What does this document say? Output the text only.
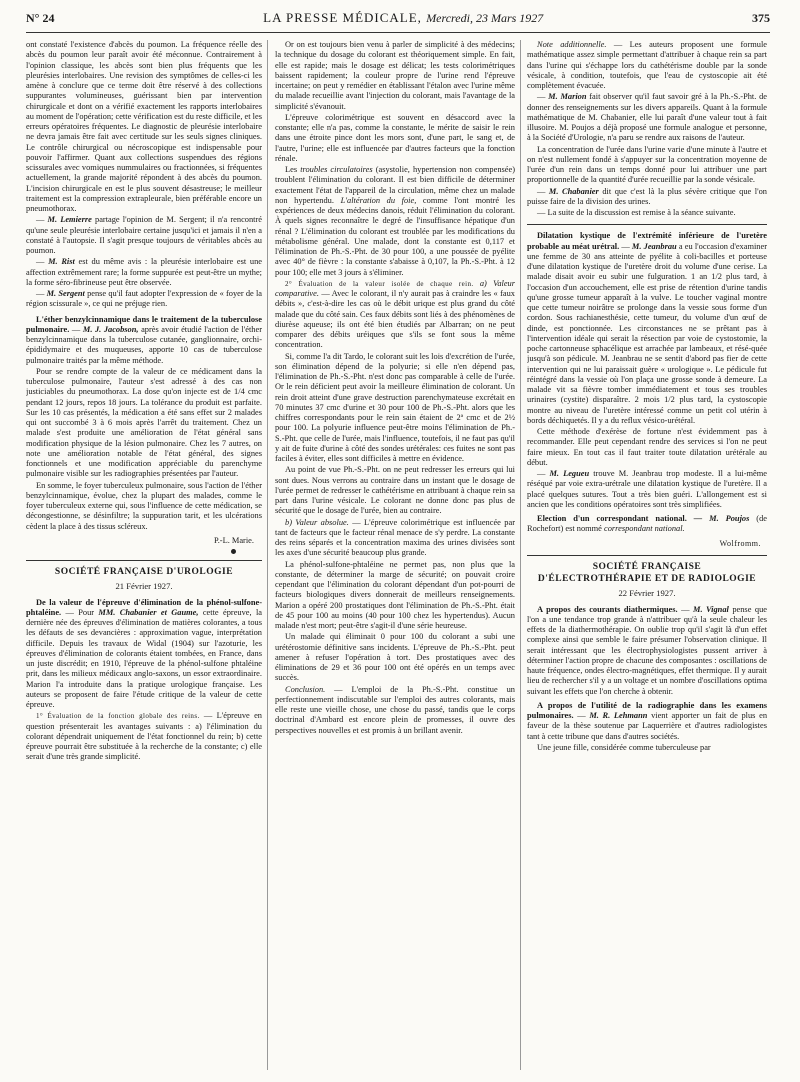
N° 24	LA PRESSE MÉDICALE, Mercredi, 23 Mars 1927	375

ont constaté l'existence d'abcès du poumon. La fréquence réelle des abcès du poumon leur paraît avoir été méconnue. Contrairement à l'opinion classique, les abcès sont bien plus fréquents que les pleurésies interlobaires. Une revision des symptômes de celles-ci les amène à conclure que ce terme doit être réservé à des collections suppurantes volumineuses, guérissant bien par intervention chirurgicale et dont on a vérifié exactement les rapports interlobaires au moment de l'opération; cette vérification est du reste difficile, et les erreurs opératoires fréquentes. Le diagnostic de pleurésie interlobaire ne devra jamais être fait avec certitude sur les seuls signes cliniques. Le contrôle chirurgical ou nécroscopique est indispensable pour pouvoir l'affirmer. Quant aux collections suspendues des régions scissurales avec vomiques nummulaires ou fractionnées, si fréquentes actuellement, la grande majorité répondent à des abcès du poumon. L'incision chirurgicale en est le plus souvent désastreuse; le meilleur traitement est la compression extrapleurale, bien préférable encore un pneumothorax.

— M. Lemierre partage l'opinion de M. Sergent; il n'a rencontré qu'une seule pleurésie interlobaire certaine jusqu'ici et jamais il n'en a constaté à l'autopsie. Il s'agit presque toujours de véritables abcès au poumon.

— M. Rist est du même avis : la pleurésie interlobaire est une affection extrêmement rare; la forme suppurée est peut-être un mythe; la forme séro-fibrineuse peut être observée.

— M. Sergent pense qu'il faut adopter l'expression de « foyer de la région scissurale », ce qui ne préjuge rien.

L'éther benzylcinnamique dans le traitement de la tuberculose pulmonaire. — M. J. Jacobson, après avoir étudié l'action de l'éther benzylcinnamique dans la tuberculose cutanée, ganglionnaire, orchi-épididymaire et des muqueuses, apporte 10 cas de tuberculose pulmonaire traités par la même méthode.

Pour se rendre compte de la valeur de ce médicament dans la tuberculose pulmonaire, l'auteur s'est adressé à des cas non justiciables du pneumothorax. La dose qu'on injecte est de 1/4 cmc pendant 12 jours, repos 18 jours. La tolérance du produit est parfaite. Sur les 10 cas présentés, la médication a été sans effet sur 2 malades qui ont succombé 3 à 6 mois après l'arrêt du traitement. Chez un malade s'est produite une amélioration de l'état général sans modification physique de la lésion pulmonaire. Chez les 7 autres, on note une amélioration notable de l'état général, des signes fonctionnels et une modification appréciable du parenchyme pulmonaire visible sur les radiographies présentées par l'auteur.

En somme, le foyer tuberculeux pulmonaire, sous l'action de l'éther benzylcinnamique, évolue, chez la plupart des malades, comme le foyer tuberculeux externe qui, sous l'influence de cette médication, se décongestionne, se désinfiltre; la suppuration tarit, et les ulcérations cèdent la place à des tissus scléreux.

P.-L. Marie.
SOCIÉTÉ FRANÇAISE D'UROLOGIE
21 Février 1927.

De la valeur de l'épreuve d'élimination de la phénol-sulfone-phtaléine. — Pour MM. Chabanier et Gaume, cette épreuve, la dernière née des épreuves d'élimination de matières colorantes, a tous les défauts de ses devancières : approximation vague, interprétation difficile. Depuis les travaux de Widal (1904) sur l'azoturie, les épreuves d'élimination de colorants étaient tombées, en France, dans un juste discrédit; en 1910, l'épreuve de la phénol-sulfone phtaléine prit, dans les milieux médicaux anglo-saxons, un essor extraordinaire. Marion l'a introduite dans la pratique urologique française. Les auteurs se proposent de faire l'étude critique de la valeur de cette épreuve.

1° Évaluation de la fonction globale des reins. — L'épreuve en question présenterait les avantages suivants : a) l'élimination du colorant dépendrait uniquement de l'état fonctionnel du rein; b) cette épreuve pourrait être substituée à la recherche de la constante; c) elle serait d'une très grande simplicité.

Or on est toujours bien venu à parler de simplicité à des médecins; la technique du dosage du colorant est théoriquement simple. En fait, elle est rapide; mais le dosage est délicat; les tests colorimétriques baissent rapidement; la couleur propre de l'urine rend l'épreuve incertaine; on peut y remédier en établissant l'étalon avec l'urine même du malade recueillie avant l'injection du colorant, mais l'avantage de la simplicité s'évanouit.

L'épreuve colorimétrique est souvent en désaccord avec la constante; elle n'a pas, comme la constante, le mérite de saisir le rein dans une étroite pince dont les mors sont, d'une part, le sang et, de l'autre, l'urine; elle est influencée par d'autres facteurs que la fonction rénale.

Les troubles circulatoires (asystolie, hypertension non compensée) troublent l'élimination du colorant. Il est bien difficile de déterminer exactement l'état de l'appareil de la circulation, même chez un malade non hypertendu. L'altération du foie, comme l'ont montré les expériences de deux médecins danois, réduit l'élimination du colorant. À quels signes reconnaître le degré de l'insuffisance hépatique d'un rénal ? L'élimination du colorant est troublée par les modifications du métabolisme général. Une malade, dont la constante est 0,117 et l'élimination de Ph.-S.-Pht. de 30 pour 100, a une poussée de pyélite avec 40° de fièvre : la constante s'abaisse à 0,107, la Ph.-S.-Pht. à 12 pour 100; elle met 3 jours à s'éliminer.

2° Évaluation de la valeur isolée de chaque rein. a) Valeur comparative. — Avec le colorant, il n'y aurait pas à craindre les « faux débits », c'est-à-dire les cas où le débit urique est plus grand du côté malade que du côté sain. Ces faux débits sont liés à des phénomènes de diurèse aqueuse; ils ont été bien étudiés par Albarran; on ne peut comparer des débits uréiques que s'ils se font sous la même concentration.

Si, comme l'a dit Tardo, le colorant suit les lois d'excrétion de l'urée, son élimination dépend de la polyurie; si elle n'en dépend pas, l'élimination de Ph.-S.-Pht. n'est donc pas comparable à celle de l'urée. Or le rein déficient peut avoir la meilleure élimination de colorant. Un rein droit atteint d'une grave destruction parenchymateuse excrétait en 70 minutes 37 cmc d'urine et 30 pour 100 de Ph.-S.-Pht. alors que les chiffres correspondants pour le rein sain étaient de 2ª cmc et de 2½ pour 100. La polyurie influence peut-être moins l'élimination de Ph.-S.-Pht. que celle de l'urée, mais l'influence, toutefois, il ne faut pas qu'il y ait de fuite d'urine à côté des sondes urétérales: ces fuites ne sont pas faciles à éviter, elles sont difficiles à mettre en évidence.

Au point de vue Ph.-S.-Pht. on ne peut redresser les erreurs qui lui sont dues. Nous verrons au contraire dans un instant que le dosage de l'urée permet de redresser le cathétérisme en attribuant à chaque rein sa part dans l'urine vésicale. Le colorant ne donne donc pas plus de sécurité que le dosage de l'urée, bien au contraire.

b) Valeur absolue. — L'épreuve colorimétrique est influencée par tant de facteurs que le facteur rénal menace de s'y perdre. La constante des reins séparés et la concentration maxima des urines divisées sont les axes d'une sécurité beaucoup plus grande.

La phénol-sulfone-phtaléine ne permet pas, non plus que la constante, de déterminer la marge de sécurité; on pouvait croire cependant que l'élimination du colorant dépendant d'un pot-pourri de facteurs biologiques divers donnerait de meilleurs renseignements. Marion a opéré 200 prostatiques dont l'élimination de Ph.-S.-Pht. était de 45 pour 100 au moins (40 pour 100 chez les hypertendus). Aucun malade n'est mort; peut-être s'agit-il d'une série heureuse.

Un malade qui éliminait 0 pour 100 du colorant a subi une urétérostomie définitive sans incidents. L'épreuve de Ph.-S.-Pht. peut amener à refuser l'opération à tort. Des prostatiques avec des éliminations de 29 et 36 pour 100 ont été opérés en un temps avec succès.

Conclusion. — L'emploi de la Ph.-S.-Pht. constitue un perfectionnement indiscutable sur l'emploi des autres colorants, mais elle reste une vieille chose, une chose du passé, tandis que le corps doctrinal d'Ambard est encore plein de promesses, il ouvre des perspectives nouvelles et est promis à un brillant avenir.

Note additionnelle. — Les auteurs proposent une formule mathématique assez simple permettant d'attribuer à chaque rein sa part dans l'urine qui s'échappe lors du cathétérisme double par la sonde vésicale, à condition, toutefois, que l'eau de cystoscopie ait été complètement évacuée.

— M. Marion fait observer qu'il faut savoir gré à la Ph.-S.-Pht. de donner des renseignements sur les divers appareils. Quant à la formule mathématique de M. Chabanier, elle lui paraît d'une valeur tout à fait illusoire. M. Poujos a déjà proposé une formule analogue et personne, à la Société d'Urologie, n'a paru se rendre aux raisons de l'auteur.

La concentration de l'urée dans l'urine varie d'une minute à l'autre et on n'est nullement fondé à s'appuyer sur la concentration moyenne de l'urée d'un rein dans un temps donné pour lui attribuer une part proportionnelle de la quantité d'urée recueillie par la sonde vésicale.

— M. Chabanier dit que c'est là la plus sévère critique que l'on puisse faire de la division des urines.

— La suite de la discussion est remise à la séance suivante.

Dilatation kystique de l'extrémité inférieure de l'uretère probable au méat urétral. — M. Jeanbrau a eu l'occasion d'examiner une femme de 30 ans atteinte de pyélite à coli-bacilles et porteuse d'une dilatation kystique de l'uretère droit du volume d'une cerise. La malade disait avoir eu subir une fulguration. 1 an 1/2 plus tard, à l'occasion d'un accouchement, elle est prise de rétention d'urine tandis qu'une grosse tumeur apparaît à la vulve. Le toucher vaginal montre que cette tumeur noirâtre se prolonge dans la vessie sous forme d'un cordon. Sous rachianesthésie, cette tumeur, du volume d'un œuf de dinde, est ponctionnée. Les circonstances ne se prêtant pas à l'intervention idéale qui serait la résection par voie de cystostomie, la poche cartonneuse sphacélique est arrachée par lambeaux, et résé-quée jusqu'à son pédicule. M. Jeanbrau ne se sentit d'abord pas fier de cette intervention qui ne lui paraissait guère « urologique ». Le pédicule fut réintégré dans la vessie où l'on plaça une grosse sonde à demeure. La malade vit sa fièvre tomber immédiatement et tous ses troubles urinaires (cystite) disparaître. 2 mois 1/2 plus tard, la cystoscopie montre au niveau de l'uretère intéressé comme un petit col utérin à bords déchiquetés. Il y a du reflux vésico-urétéral.

Cette méthode d'exérèse de fortune n'est évidemment pas à recommander. Elle peut cependant rendre des services si l'on ne peut faire mieux. En tout cas il faut traiter toute dilatation urétérale au début.

— M. Legueu trouve M. Jeanbrau trop modeste. Il a lui-même réséqué par voie extra-urétrale une dilatation kystique de l'uretère. Il a placé quelques sutures. Tout a très bien guéri. L'allongement est si ancien que les conditions opératoires sont très simplifiées.

Election d'un correspondant national. — M. Poujos (de Rochefort) est nommé correspondant national.

Wolfromm.
SOCIÉTÉ FRANÇAISE
D'ÉLECTROTHÉRAPIE ET DE RADIOLOGIE
22 Février 1927.

A propos des courants diathermiques. — M. Vignal pense que l'on a une tendance trop grande à n'attribuer qu'à la seule chaleur les effets de la diathermothérapie. On oublie trop qu'il s'agit là d'un effet complexe ainsi que semble le faire présumer l'observation clinique. Il serait intéressant que les électrophysiologistes pussent arriver à déterminer l'action propre de chacune des composantes : oscillations de haute fréquence, ondes électro-magnétiques, effet thermique. Il y aurait lieu de rechercher s'il y a un voltage et un nombre d'oscillations optima suivant les effets que l'on cherche à obtenir.

A propos de l'utilité de la radiographie dans les examens pulmonaires. — M. R. Lehmann vient apporter un fait de plus en faveur de la thèse soutenue par Laquerrière et d'autres radiologistes tant à cette tribune que dans d'autres sociétés.

Une jeune fille, considérée comme tuberculeuse par
